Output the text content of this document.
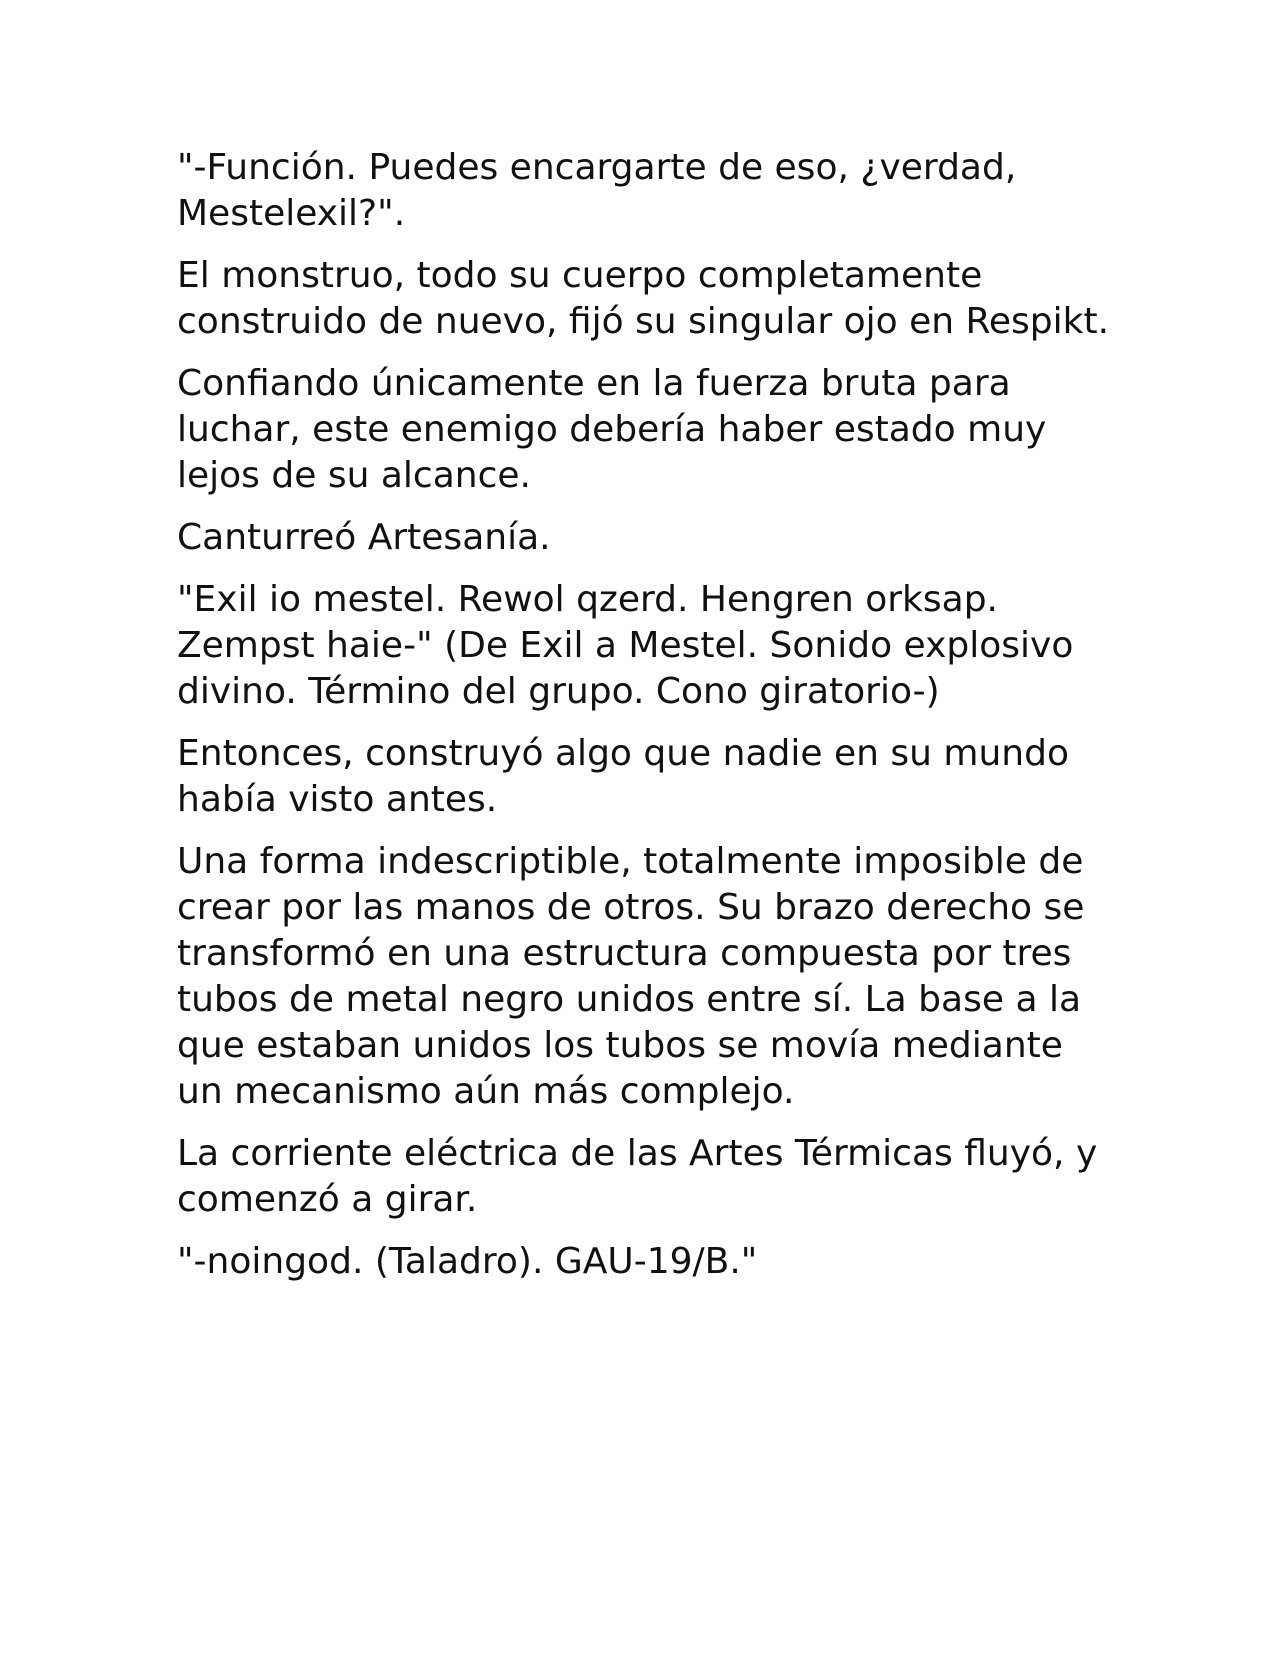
"-Función. Puedes encargarte de eso, ¿verdad, Mestelexil?".

El monstruo, todo su cuerpo completamente construido de nuevo, fijó su singular ojo en Respikt.

Confiando únicamente en la fuerza bruta para luchar, este enemigo debería haber estado muy lejos de su alcance.

Canturreó Artesanía.

"Exil io mestel. Rewol qzerd. Hengren orksap. Zempst haie-" (De Exil a Mestel. Sonido explosivo divino. Término del grupo. Cono giratorio-)

Entonces, construyó algo que nadie en su mundo había visto antes.

Una forma indescriptible, totalmente imposible de crear por las manos de otros. Su brazo derecho se transformó en una estructura compuesta por tres tubos de metal negro unidos entre sí. La base a la que estaban unidos los tubos se movía mediante un mecanismo aún más complejo.

La corriente eléctrica de las Artes Térmicas fluyó, y comenzó a girar.

"-noingod. (Taladro). GAU-19/B."
